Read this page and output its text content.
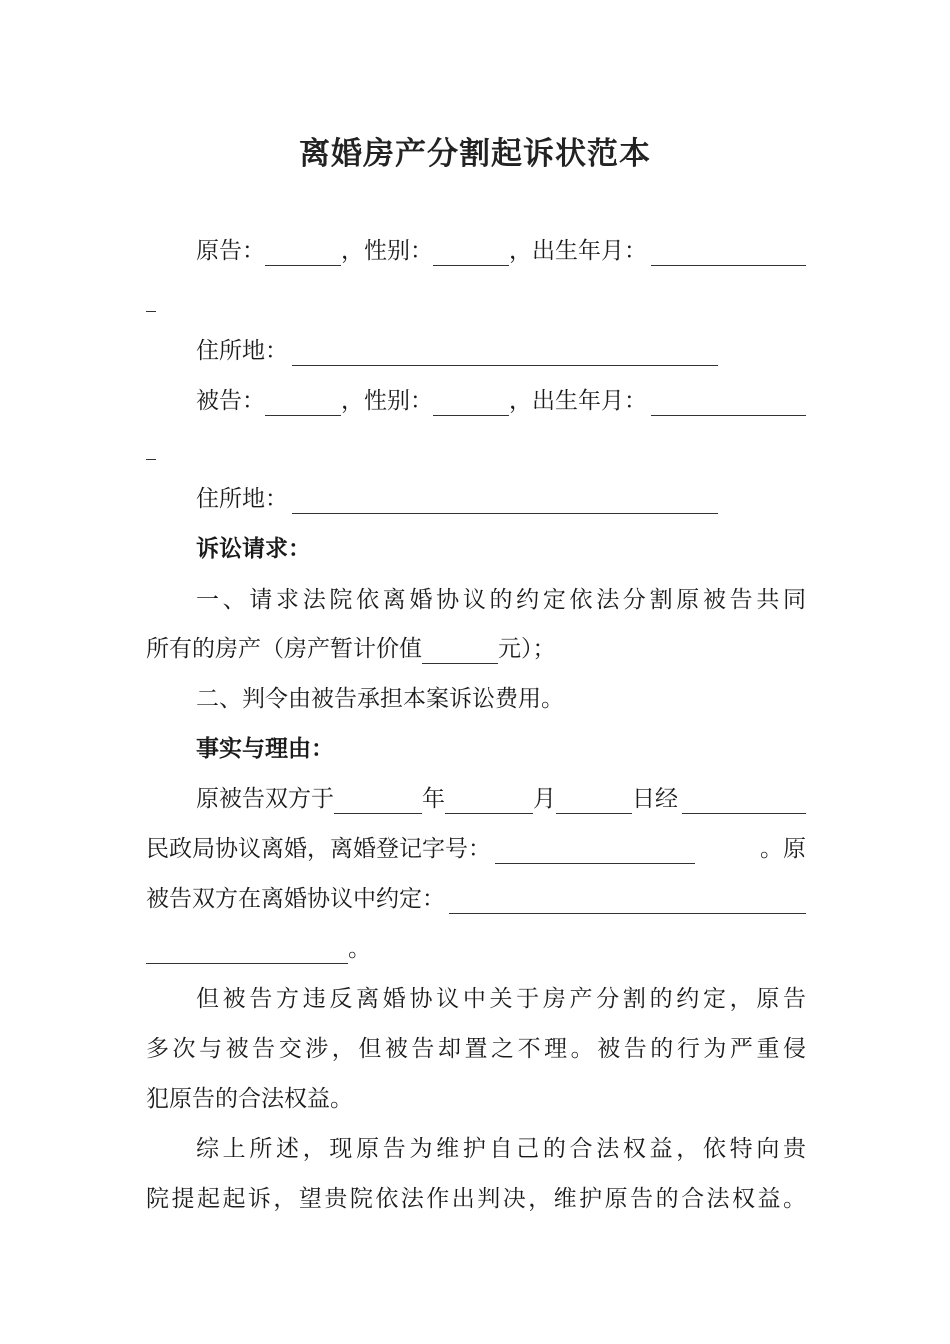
离婚房产分割起诉状范本
原告：	，性别：	，出生年月：
住所地：
被告：	，性别：	，出生年月：
住所地：
诉讼请求：
一、请求法院依离婚协议的约定依法分割原被告共同
所有的房产（房产暂计价值	元）；
二、判令由被告承担本案诉讼费用。
事实与理由：
原被告双方于	年	月	日经
民政局协议离婚，离婚登记字号：	。原
被告双方在离婚协议中约定：
。
但被告方违反离婚协议中关于房产分割的约定，原告
多次与被告交涉，但被告却置之不理。被告的行为严重侵
犯原告的合法权益。
综上所述，现原告为维护自己的合法权益，依特向贵
院提起起诉，望贵院依法作出判决，维护原告的合法权益。
